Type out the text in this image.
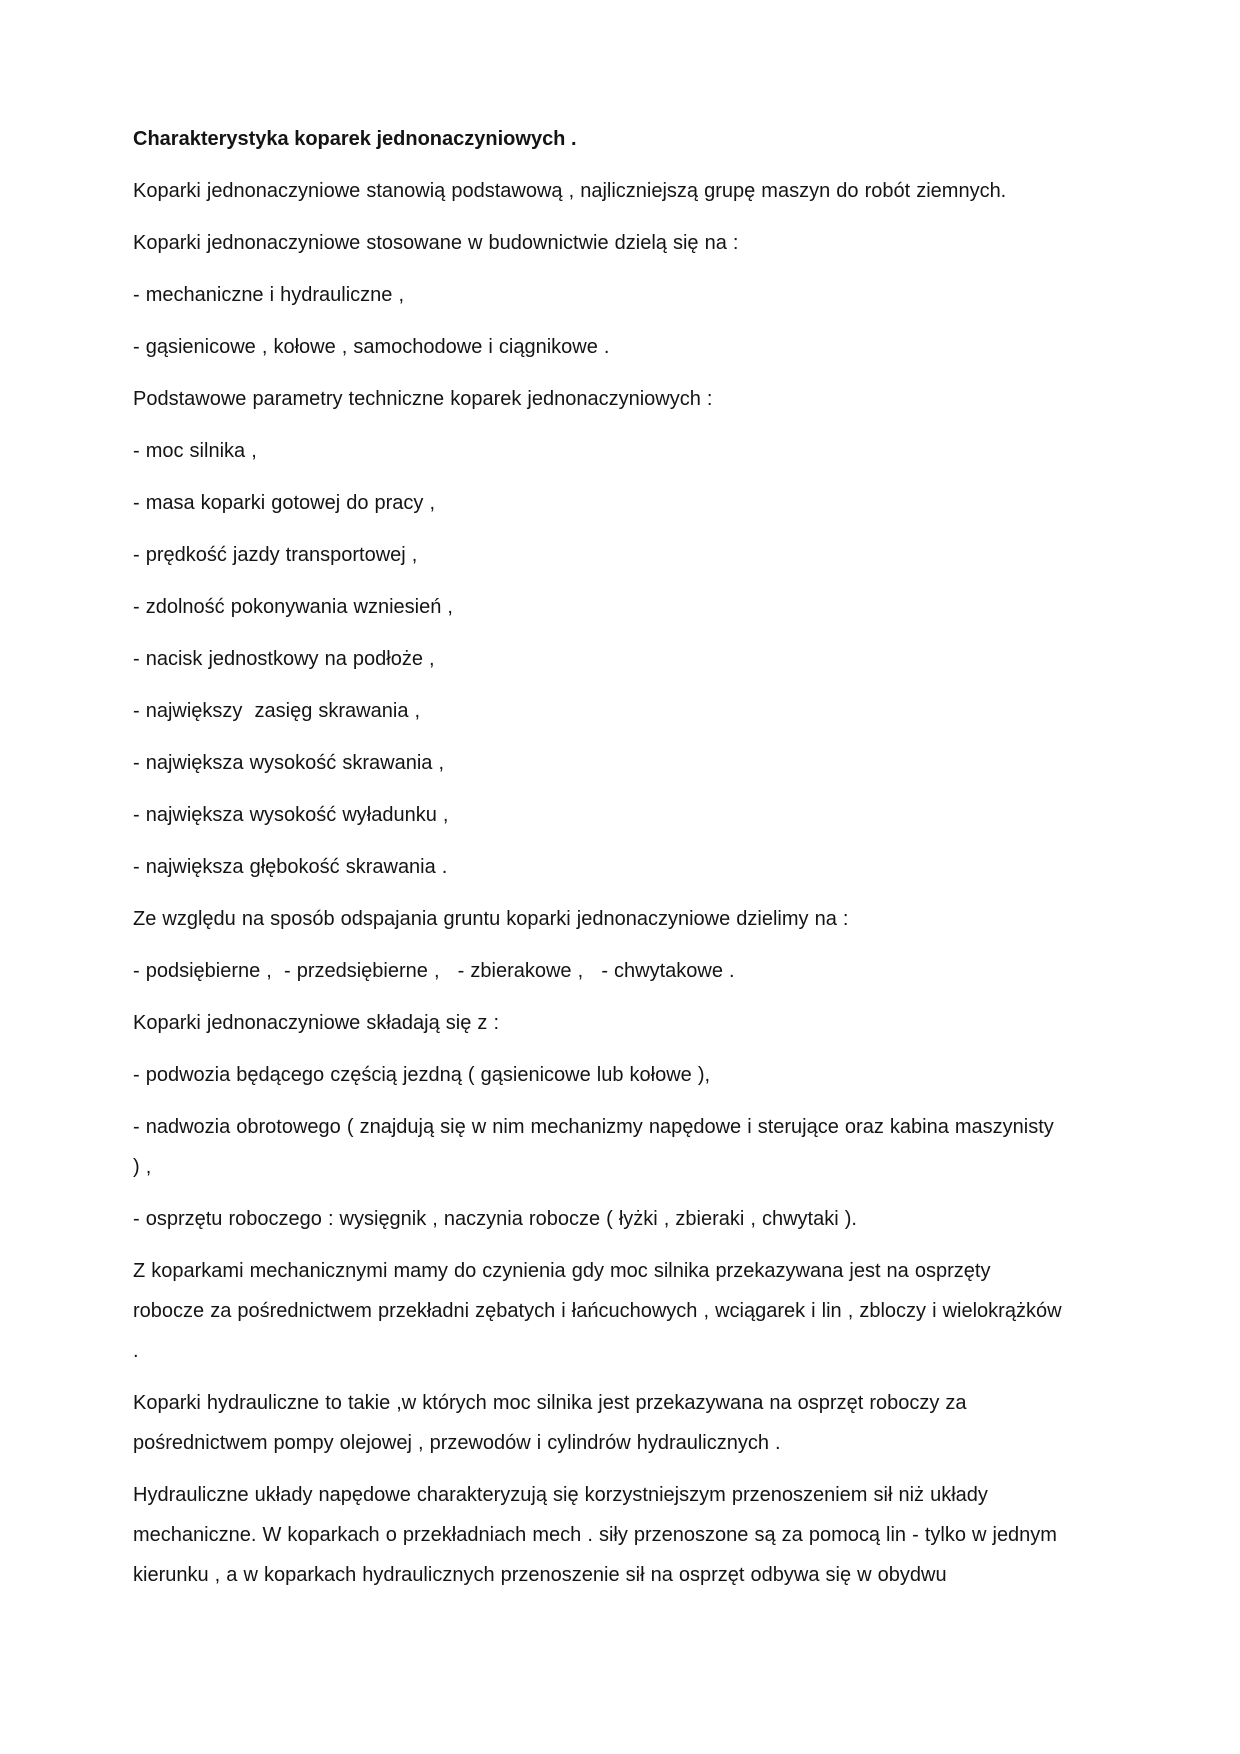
Charakterystyka koparek jednonaczyniowych .

Koparki jednonaczyniowe stanowią podstawową , najliczniejszą grupę maszyn do robót ziemnych.

Koparki jednonaczyniowe stosowane w budownictwie dzielą się na :

- mechaniczne i hydrauliczne ,

- gąsienicowe , kołowe , samochodowe i ciągnikowe .

Podstawowe parametry techniczne koparek jednonaczyniowych :

- moc silnika ,

- masa koparki gotowej do pracy ,

- prędkość jazdy transportowej ,

- zdolność pokonywania wzniesień ,

- nacisk jednostkowy na podłoże ,

- największy  zasięg skrawania ,

- największa wysokość skrawania ,

- największa wysokość wyładunku ,

- największa głębokość skrawania .

Ze względu na sposób odspajania gruntu koparki jednonaczyniowe dzielimy na :

- podsiębierne ,  - przedsiębierne ,   - zbierakowe ,   - chwytakowe .

Koparki jednonaczyniowe składają się z :

- podwozia będącego częścią jezdną ( gąsienicowe lub kołowe ),

- nadwozia obrotowego ( znajdują się w nim mechanizmy napędowe i sterujące oraz kabina maszynisty ) ,

- osprzętu roboczego : wysięgnik , naczynia robocze ( łyżki , zbieraki , chwytaki ).

Z koparkami mechanicznymi mamy do czynienia gdy moc silnika przekazywana jest na osprzęty robocze za pośrednictwem przekładni zębatych i łańcuchowych , wciągarek i lin , zbloczy i wielokrążków .

Koparki hydrauliczne to takie ,w których moc silnika jest przekazywana na osprzęt roboczy za pośrednictwem pompy olejowej , przewodów i cylindrów hydraulicznych .

Hydrauliczne układy napędowe charakteryzują się korzystniejszym przenoszeniem sił niż układy mechaniczne. W koparkach o przekładniach mech . siły przenoszone są za pomocą lin - tylko w jednym kierunku , a w koparkach hydraulicznych przenoszenie sił na osprzęt odbywa się w obydwu
